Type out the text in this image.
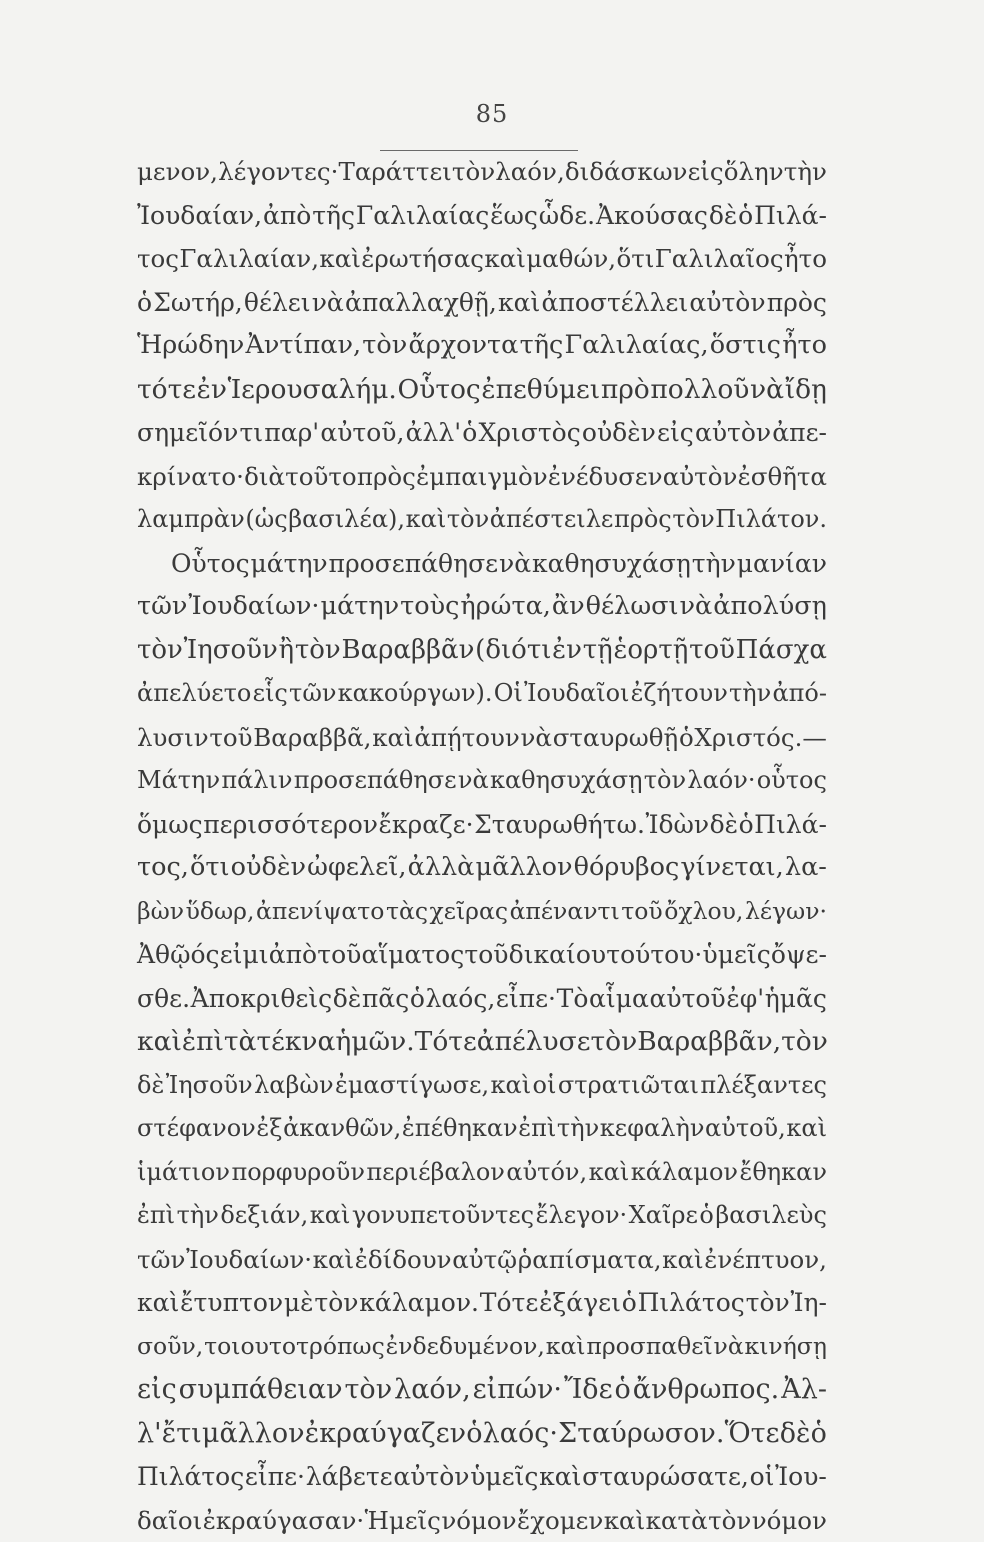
85
μενον, λέγοντες· Ταράττει τὸν λαόν, διδάσκων εἰς ὅλην τὴν
Ἰουδαίαν, ἀπὸ τῆς Γαλιλαίας ἕως ὧδε. Ἀκούσας δὲ ὁ Πιλά-
τος Γαλιλαίαν, καὶ ἐρωτήσας καὶ μαθών, ὅτι Γαλιλαῖος ἦτο
ὁ Σωτήρ, θέλει νὰ ἀπαλλαχθῇ, καὶ ἀποστέλλει αὐτὸν πρὸς
Ἡρώδην Ἀντίπαν, τὸν ἄρχοντα τῆς Γαλιλαίας, ὅστις ἦτο
τότε ἐν Ἱερουσαλήμ. Οὗτος ἐπεθύμει πρὸ πολλοῦ νὰ ἴδῃ
σημεῖόν τι παρ' αὐτοῦ, ἀλλ' ὁ Χριστὸς οὐδὲν εἰς αὐτὸν ἀπε-
κρίνατο· διὰ τοῦτο πρὸς ἐμπαιγμὸν ἐνέδυσεν αὐτὸν ἐσθῆτα
λαμπρὰν (ὡς βασιλέα), καὶ τὸν ἀπέστειλε πρὸς τὸν Πιλάτον.
Οὗτος μάτην προσεπάθησε νὰ καθησυχάσῃ τὴν μανίαν
τῶν Ἰουδαίων· μάτην τοὺς ἠρώτα, ἂν θέλωσι νὰ ἀπολύσῃ
τὸν Ἰησοῦν ἢ τὸν Βαραββᾶν (διότι ἐν τῇ ἑορτῇ τοῦ Πάσχα
ἀπελύετο εἷς τῶν κακούργων). Οἱ Ἰουδαῖοι ἐζήτουν τὴν ἀπό-
λυσιν τοῦ Βαραββᾶ, καὶ ἀπῄτουν νὰ σταυρωθῇ ὁ Χριστός.—
Μάτην πάλιν προσεπάθησε νὰ καθησυχάσῃ τὸν λαόν· οὗτος
ὅμως περισσότερον ἔκραζε· Σταυρωθήτω. Ἰδὼν δὲ ὁ Πιλά-
τος, ὅτι οὐδὲν ὠφελεῖ, ἀλλὰ μᾶλλον θόρυβος γίνεται, λα-
βὼν ὕδωρ, ἀπενίψατο τὰς χεῖρας ἀπέναντι τοῦ ὄχλου, λέγων·
Ἀθῷός εἰμι ἀπὸ τοῦ αἵματος τοῦ δικαίου τούτου· ὑμεῖς ὄψε-
σθε. Ἀποκριθεὶς δὲ πᾶς ὁ λαός, εἶπε· Τὸ αἷμα αὐτοῦ ἐφ' ἡμᾶς
καὶ ἐπὶ τὰ τέκνα ἡμῶν. Τότε ἀπέλυσε τὸν Βαραββᾶν, τὸν
δὲ Ἰησοῦν λαβὼν ἐμαστίγωσε, καὶ οἱ στρατιῶται πλέξαντες
στέφανον ἐξ ἀκανθῶν, ἐπέθηκαν ἐπὶ τὴν κεφαλὴν αὐτοῦ, καὶ
ἱμάτιον πορφυροῦν περιέβαλον αὐτόν, καὶ κάλαμον ἔθηκαν
ἐπὶ τὴν δεξιάν, καὶ γονυπετοῦντες ἔλεγον· Χαῖρε ὁ βασιλεὺς
τῶν Ἰουδαίων· καὶ ἐδίδουν αὐτῷ ῥαπίσματα, καὶ ἐνέπτυον,
καὶ ἔτυπτον μὲ τὸν κάλαμον. Τότε ἐξάγει ὁ Πιλάτος τὸν Ἰη-
σοῦν, τοιουτοτρόπως ἐνδεδυμένον, καὶ προσπαθεῖ νὰ κινήσῃ
εἰς συμπάθειαν τὸν λαόν, εἰπών· Ἴδε ὁ ἄνθρωπος. Ἀλ-
λ' ἔτι μᾶλλον ἐκραύγαζεν ὁ λαός· Σταύρωσον. Ὅτε δὲ ὁ
Πιλάτος εἶπε· λάβετε αὐτὸν ὑμεῖς καὶ σταυρώσατε, οἱ Ἰου-
δαῖοι ἐκραύγασαν· Ἡμεῖς νόμον ἔχομεν καὶ κατὰ τὸν νόμον
